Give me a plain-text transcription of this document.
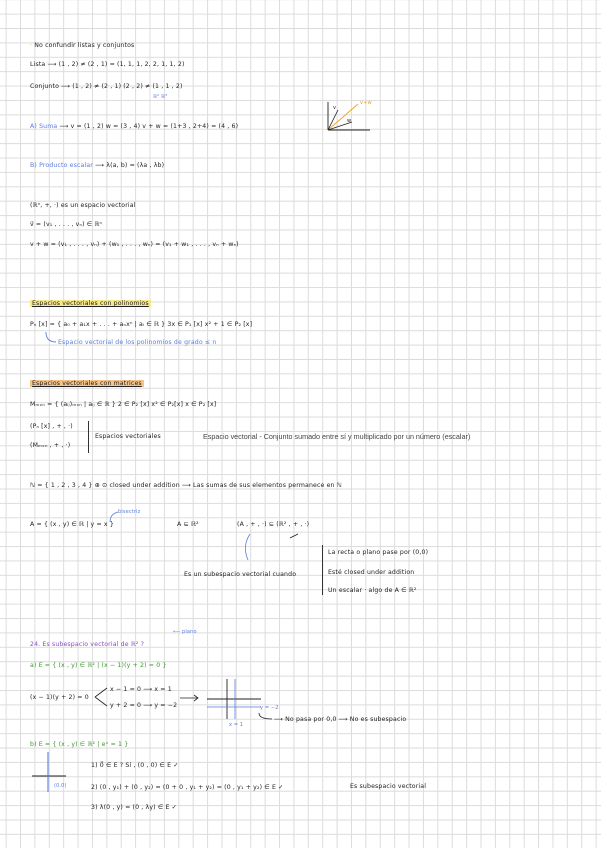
· No confundir listas y conjuntos
Lista ⟶ (1 , 2) ≠ (2 , 1) = (1, 1, 1, 2, 2, 1, 1, 2)
Conjunto ⟶ (1 , 2) ≠ (2 , 1) (2 , 2) ≠ (1 , 1 , 2)
ℝ² ℝ³
A) Suma ⟶ v = (1 , 2) w = (3 , 4) v + w = (1+3 , 2+4) = (4 , 6)
v
w
v+w
B) Producto escalar ⟶ λ(a, b) = (λa , λb)
(ℝⁿ, +, ·) es un espacio vectorial
v⃗ = (v₁ , . . . , vₙ) ∈ ℝⁿ
v + w = (v₁ , . . . , vₙ) + (w₁ , . . . , wₙ) = (v₁ + w₁ , . . . , vₙ + wₙ)
Espacios vectoriales con polinomios
Pₙ [x] = { a₀ + a₁x + . . . + aₙxⁿ | aᵢ ∈ ℝ } 3x ∈ P₁ [x] x² + 1 ∈ P₂ [x]
Espacio vectorial de los polinomios de grado ≤ n
Espacios vectoriales con matrices
Mₘₓₙ = { (aᵢⱼ)ₘₓₙ | aᵢⱼ ∈ ℝ } 2 ∈ P₂ [x] x² ∈ P₂[x] x ∈ P₂ [x]
(Pₙ [x] , + , ·)
(Mₘₓₙ , + , ·)
Espacios vectoriales	Espacio vectorial - Conjunto sumado entre sí y multiplicado por un número (escalar)
ℕ = { 1 , 2 , 3 , 4 } ⊕ ⊙ closed under addition ⟶ Las sumas de sus elementos permanece en ℕ
bisectriz
A = { (x , y) ∈ ℝ | y = x }	A ⊆ ℝ²	(A , + , ·) ⊆ (ℝ² , + , ·)
Es un subespacio vectorial cuando
La recta o plano pase por (0,0)
Esté closed under addition
Un escalar · algo de A ∈ ℝ²
⟵ plano
24. Es subespacio vectorial de ℝ² ?
a) E = { (x , y) ∈ ℝ² | (x − 1)(y + 2) = 0 }
(x − 1)(y + 2) = 0
x − 1 = 0 ⟶ x = 1
y + 2 = 0 ⟶ y = −2	y = −2
x = 1
⟶ No pasa por 0,0 ⟶ No es subespacio
b) E = { (x , y) ∈ ℝ² | eˣ = 1 }
(0,0)
1) 0⃗ ∈ E ? Sí , (0 , 0) ∈ E ✓
2) (0 , y₁) + (0 , y₂) = (0 + 0 , y₁ + y₂) = (0 , y₁ + y₂) ∈ E ✓	Es subespacio vectorial
3) λ(0 , y) = (0 , λy) ∈ E ✓
